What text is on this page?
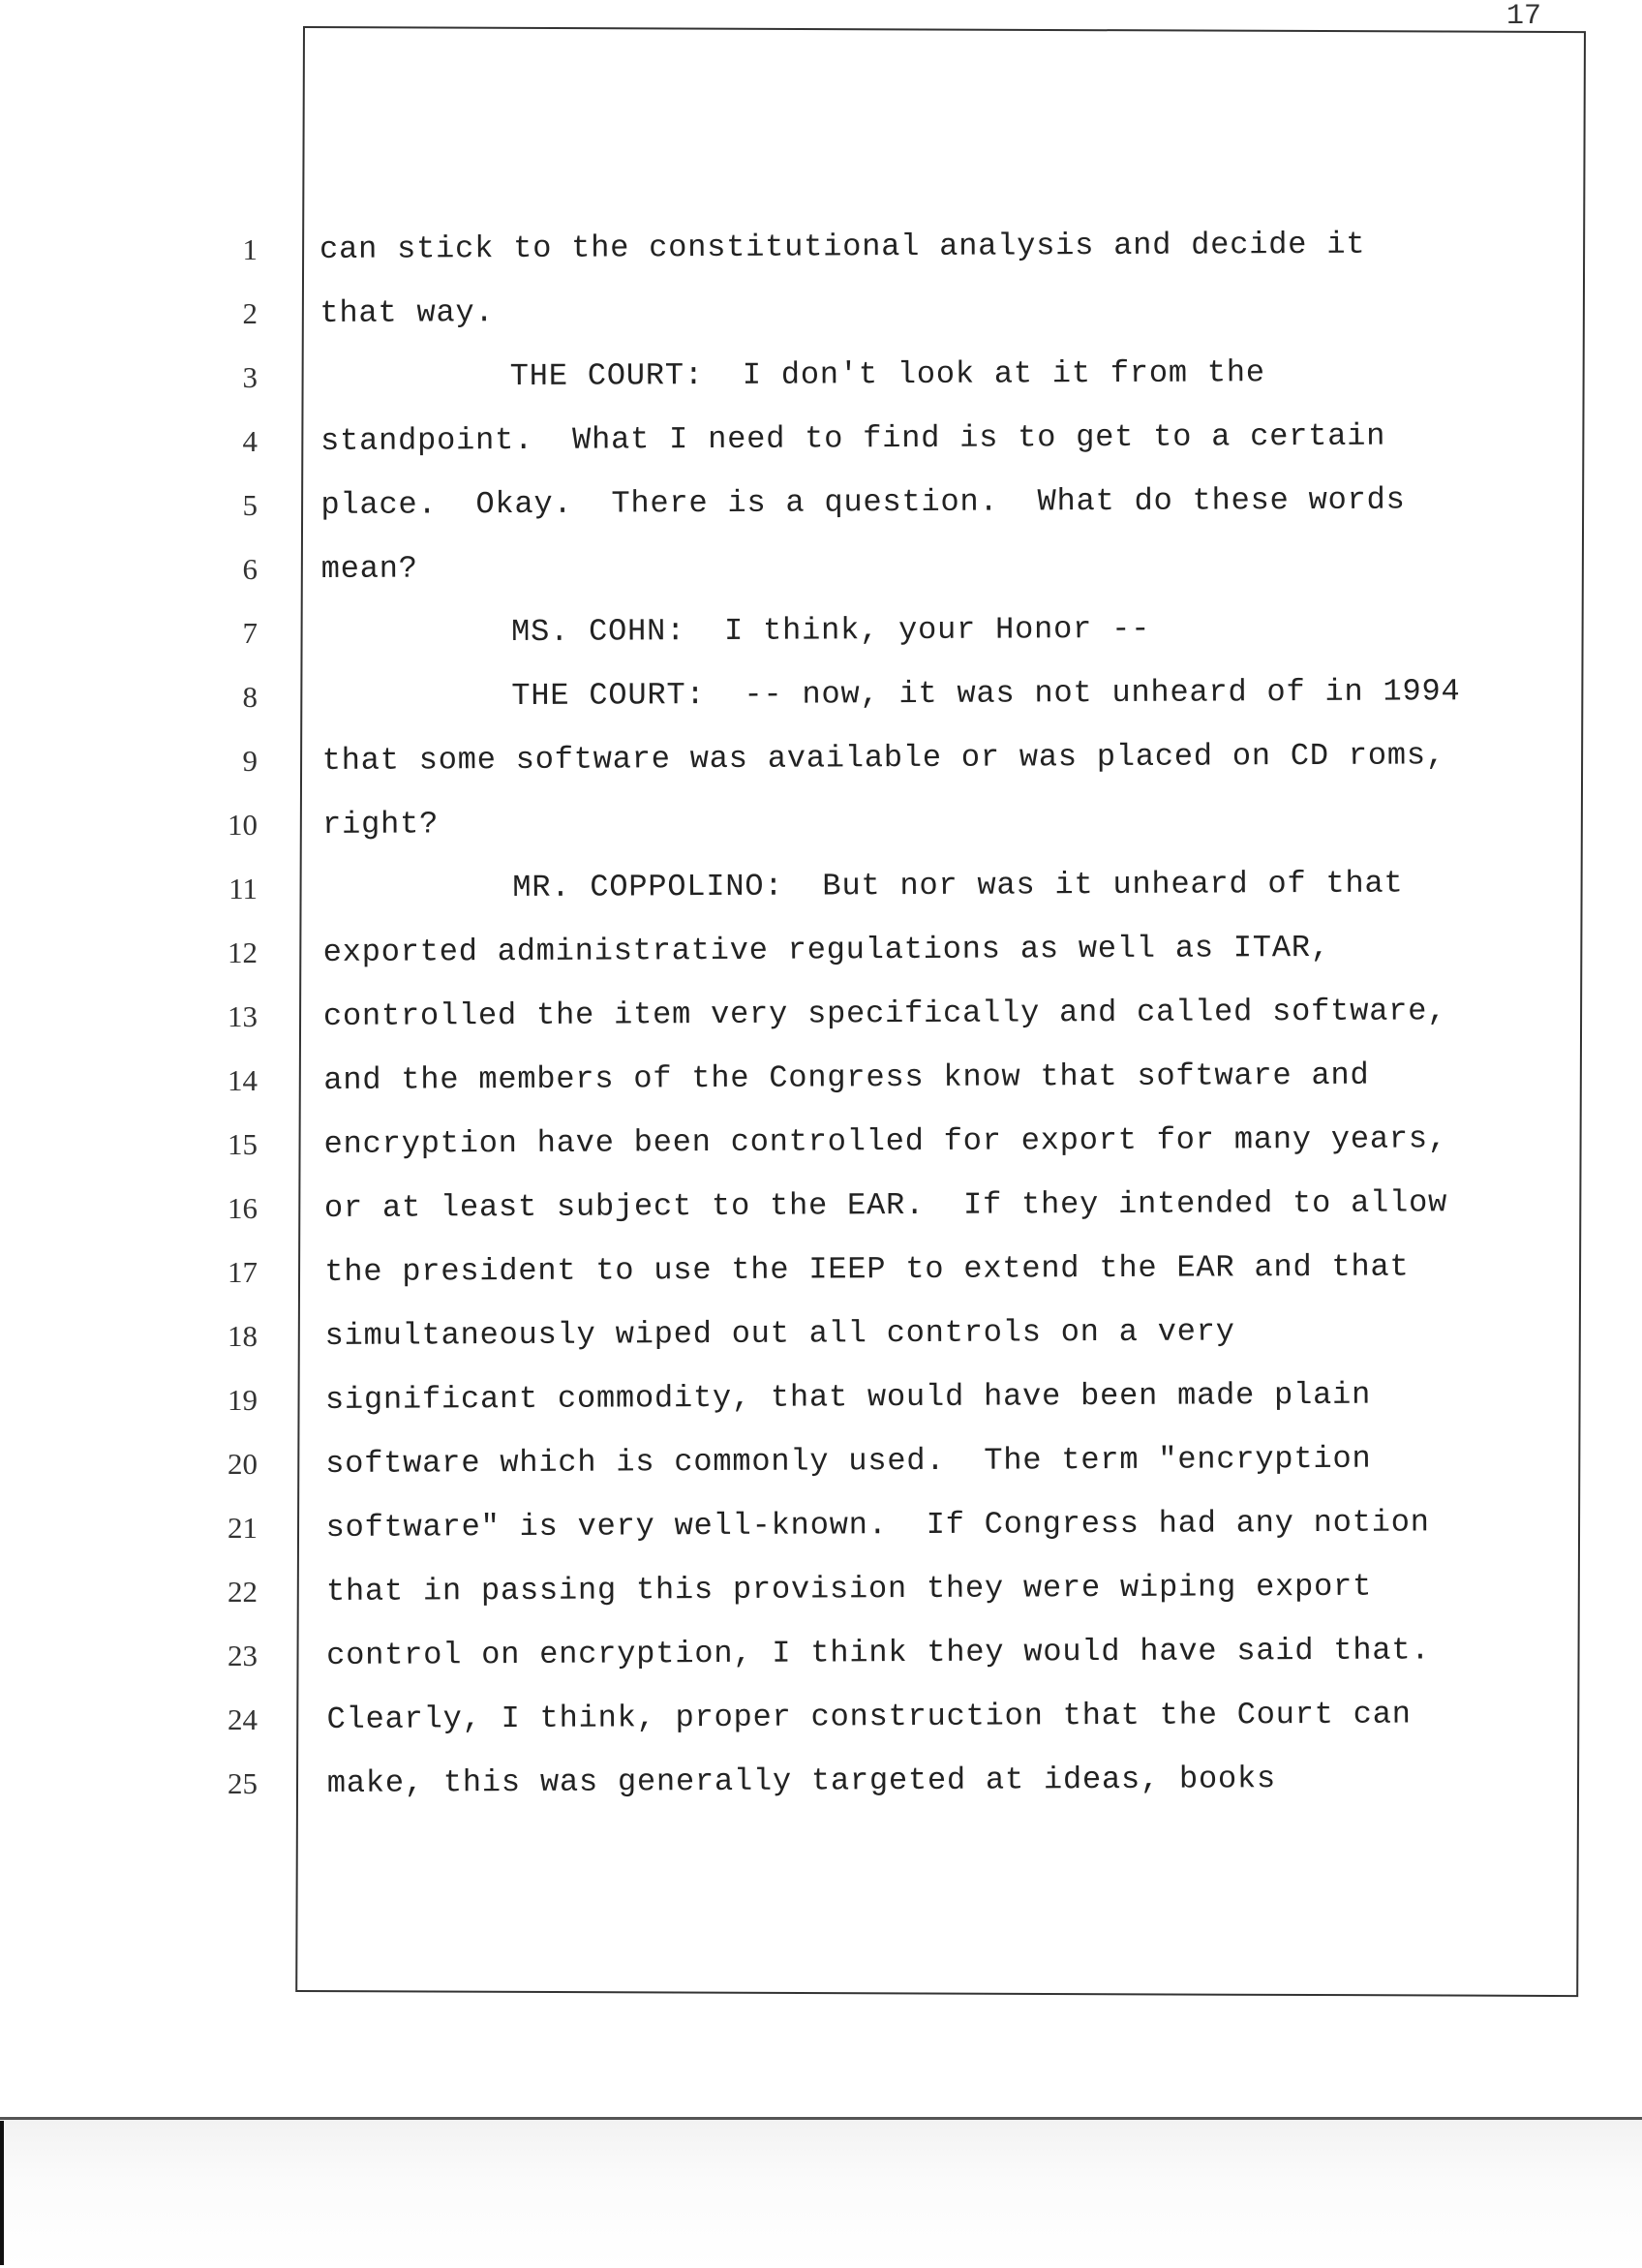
17
1
2
3
4
5
6
7
8
9
10
11
12
13
14
15
16
17
18
19
20
21
22
23
24
25
can stick to the constitutional analysis and decide it
that way.
THE COURT:  I don't look at it from the
standpoint.  What I need to find is to get to a certain
place.  Okay.  There is a question.  What do these words
mean?
MS. COHN:  I think, your Honor --
THE COURT:  -- now, it was not unheard of in 1994
that some software was available or was placed on CD roms,
right?
MR. COPPOLINO:  But nor was it unheard of that
exported administrative regulations as well as ITAR,
controlled the item very specifically and called software,
and the members of the Congress know that software and
encryption have been controlled for export for many years,
or at least subject to the EAR.  If they intended to allow
the president to use the IEEP to extend the EAR and that
simultaneously wiped out all controls on a very
significant commodity, that would have been made plain
software which is commonly used.  The term "encryption
software" is very well-known.  If Congress had any notion
that in passing this provision they were wiping export
control on encryption, I think they would have said that.
Clearly, I think, proper construction that the Court can
make, this was generally targeted at ideas, books
